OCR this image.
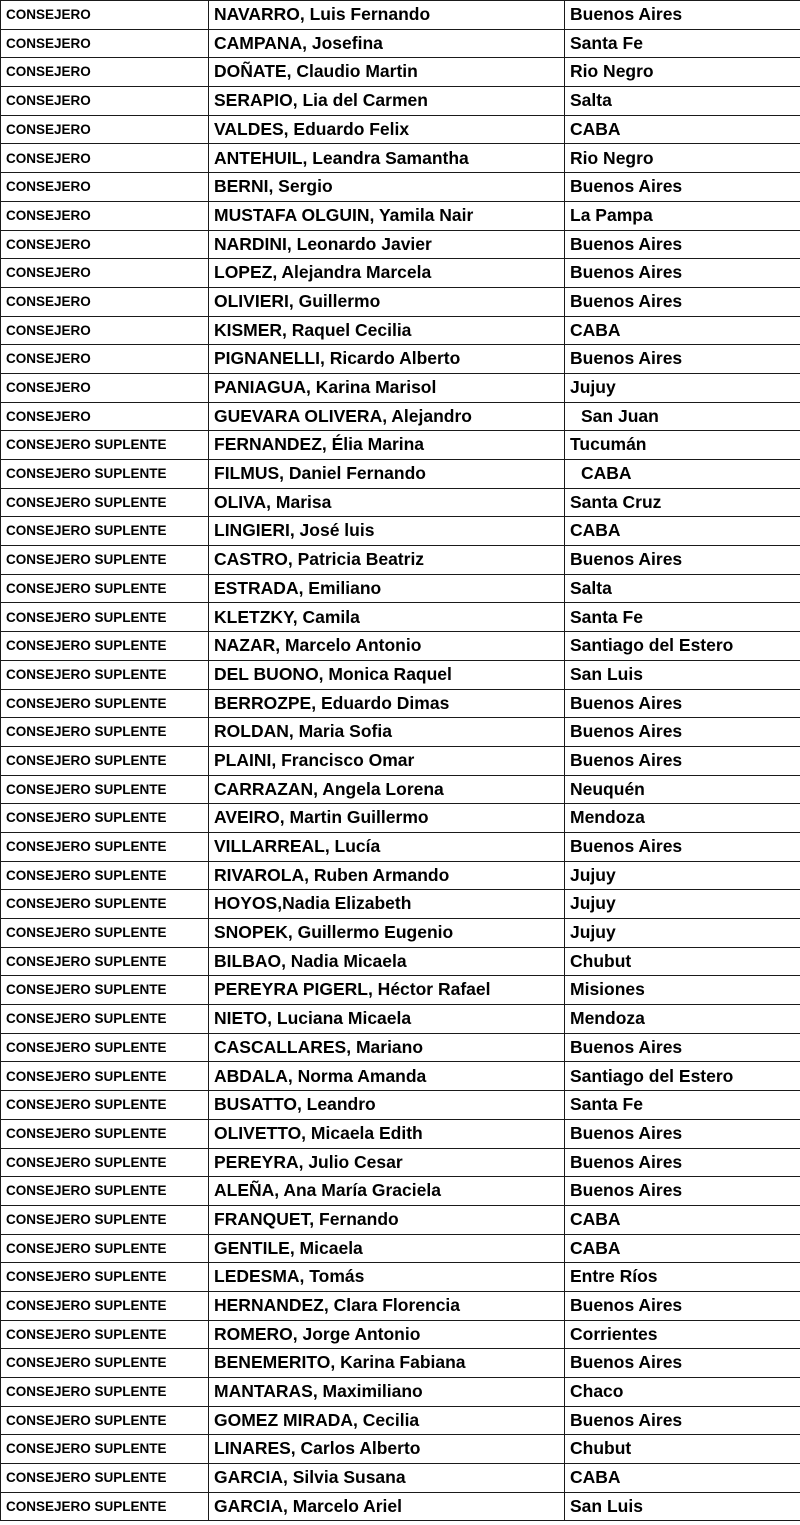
CONSEJERO	NAVARRO, Luis Fernando	Buenos Aires
CONSEJERO	CAMPANA, Josefina	Santa Fe
CONSEJERO	DOÑATE, Claudio Martin	Rio Negro
CONSEJERO	SERAPIO, Lia del Carmen	Salta
CONSEJERO	VALDES, Eduardo Felix	CABA
CONSEJERO	ANTEHUIL, Leandra Samantha	Rio Negro
CONSEJERO	BERNI, Sergio	Buenos Aires
CONSEJERO	MUSTAFA OLGUIN, Yamila Nair	La Pampa
CONSEJERO	NARDINI, Leonardo Javier	Buenos Aires
CONSEJERO	LOPEZ, Alejandra Marcela	Buenos Aires
CONSEJERO	OLIVIERI, Guillermo	Buenos Aires
CONSEJERO	KISMER, Raquel Cecilia	CABA
CONSEJERO	PIGNANELLI, Ricardo Alberto	Buenos Aires
CONSEJERO	PANIAGUA, Karina Marisol	Jujuy
CONSEJERO	GUEVARA OLIVERA, Alejandro	San Juan
CONSEJERO SUPLENTE	FERNANDEZ, Élia Marina	Tucumán
CONSEJERO SUPLENTE	FILMUS, Daniel Fernando	CABA
CONSEJERO SUPLENTE	OLIVA, Marisa	Santa Cruz
CONSEJERO SUPLENTE	LINGIERI, José luis	CABA
CONSEJERO SUPLENTE	CASTRO, Patricia Beatriz	Buenos Aires
CONSEJERO SUPLENTE	ESTRADA, Emiliano	Salta
CONSEJERO SUPLENTE	KLETZKY, Camila	Santa Fe
CONSEJERO SUPLENTE	NAZAR, Marcelo Antonio	Santiago del Estero
CONSEJERO SUPLENTE	DEL BUONO, Monica Raquel	San Luis
CONSEJERO SUPLENTE	BERROZPE, Eduardo Dimas	Buenos Aires
CONSEJERO SUPLENTE	ROLDAN, Maria Sofia	Buenos Aires
CONSEJERO SUPLENTE	PLAINI, Francisco Omar	Buenos Aires
CONSEJERO SUPLENTE	CARRAZAN, Angela Lorena	Neuquén
CONSEJERO SUPLENTE	AVEIRO, Martin Guillermo	Mendoza
CONSEJERO SUPLENTE	VILLARREAL, Lucía	Buenos Aires
CONSEJERO SUPLENTE	RIVAROLA, Ruben Armando	Jujuy
CONSEJERO SUPLENTE	HOYOS,Nadia Elizabeth	Jujuy
CONSEJERO SUPLENTE	SNOPEK, Guillermo Eugenio	Jujuy
CONSEJERO SUPLENTE	BILBAO, Nadia Micaela	Chubut
CONSEJERO SUPLENTE	PEREYRA PIGERL, Héctor Rafael	Misiones
CONSEJERO SUPLENTE	NIETO, Luciana Micaela	Mendoza
CONSEJERO SUPLENTE	CASCALLARES, Mariano	Buenos Aires
CONSEJERO SUPLENTE	ABDALA, Norma Amanda	Santiago del Estero
CONSEJERO SUPLENTE	BUSATTO, Leandro	Santa Fe
CONSEJERO SUPLENTE	OLIVETTO, Micaela Edith	Buenos Aires
CONSEJERO SUPLENTE	PEREYRA, Julio Cesar	Buenos Aires
CONSEJERO SUPLENTE	ALEÑA, Ana María Graciela	Buenos Aires
CONSEJERO SUPLENTE	FRANQUET, Fernando	CABA
CONSEJERO SUPLENTE	GENTILE, Micaela	CABA
CONSEJERO SUPLENTE	LEDESMA, Tomás	Entre Ríos
CONSEJERO SUPLENTE	HERNANDEZ, Clara Florencia	Buenos Aires
CONSEJERO SUPLENTE	ROMERO, Jorge Antonio	Corrientes
CONSEJERO SUPLENTE	BENEMERITO, Karina Fabiana	Buenos Aires
CONSEJERO SUPLENTE	MANTARAS, Maximiliano	Chaco
CONSEJERO SUPLENTE	GOMEZ MIRADA, Cecilia	Buenos Aires
CONSEJERO SUPLENTE	LINARES, Carlos Alberto	Chubut
CONSEJERO SUPLENTE	GARCIA, Silvia Susana	CABA
CONSEJERO SUPLENTE	GARCIA, Marcelo Ariel	San Luis
